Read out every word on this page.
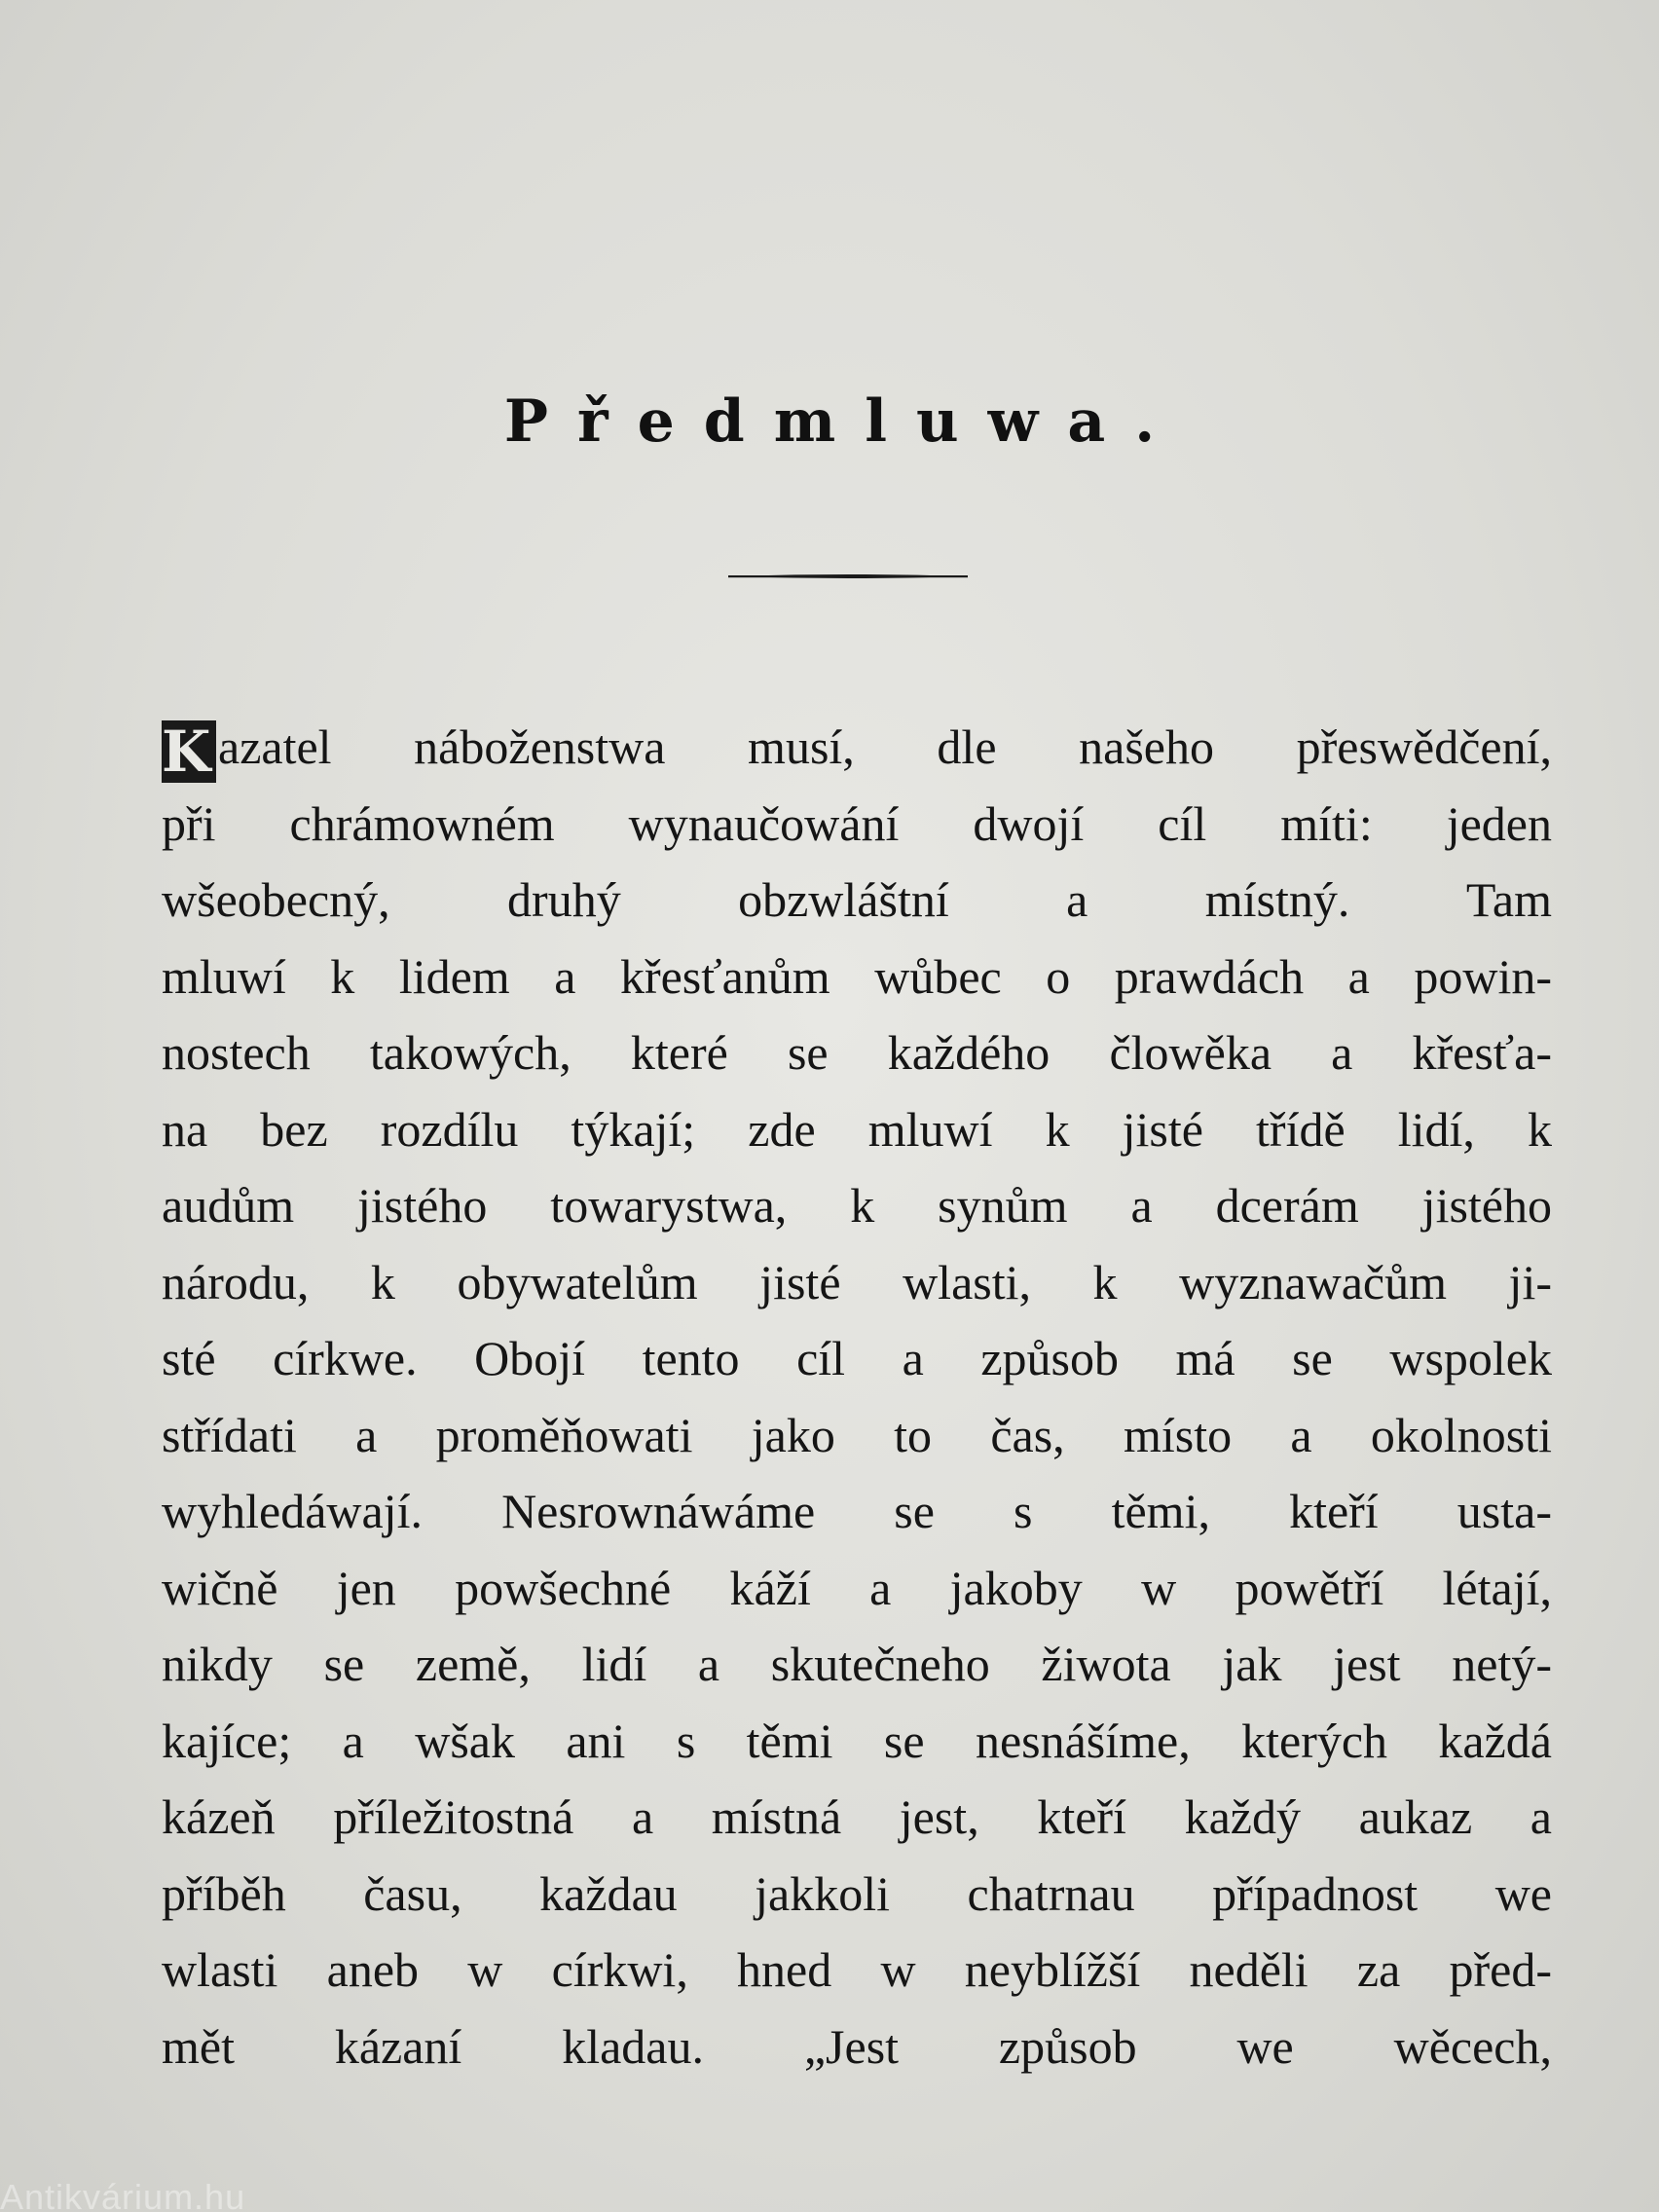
Předmluwa.
K azatel náboženstwa musí, dle našeho přeswědčení,
při chrámowném wynaučowání dwojí cíl míti: jeden
wšeobecný, druhý obzwláštní a místný. Tam
mluwí k lidem a křesťanům wůbec o prawdách a powin-
nostech takowých, které se každého člowěka a křesťa-
na bez rozdílu týkají; zde mluwí k jisté třídě lidí, k
audům jistého towarystwa, k synům a dcerám jistého
národu, k obywatelům jisté wlasti, k wyznawačům ji-
sté církwe. Obojí tento cíl a způsob má se wspolek
střídati a proměňowati jako to čas, místo a okolnosti
wyhledáwají. Nesrownáwáme se s těmi, kteří usta-
wičně jen powšechné káží a jakoby w powětří létají,
nikdy se země, lidí a skutečneho žiwota jak jest netý-
kajíce; a wšak ani s těmi se nesnášíme, kterých každá
kázeň příležitostná a místná jest, kteří každý aukaz a
příběh času, každau jakkoli chatrnau případnost we
wlasti aneb w církwi, hned w neyblížší neděli za před-
mět kázaní kladau. „Jest způsob we wěcech,
Antikvárium.hu
